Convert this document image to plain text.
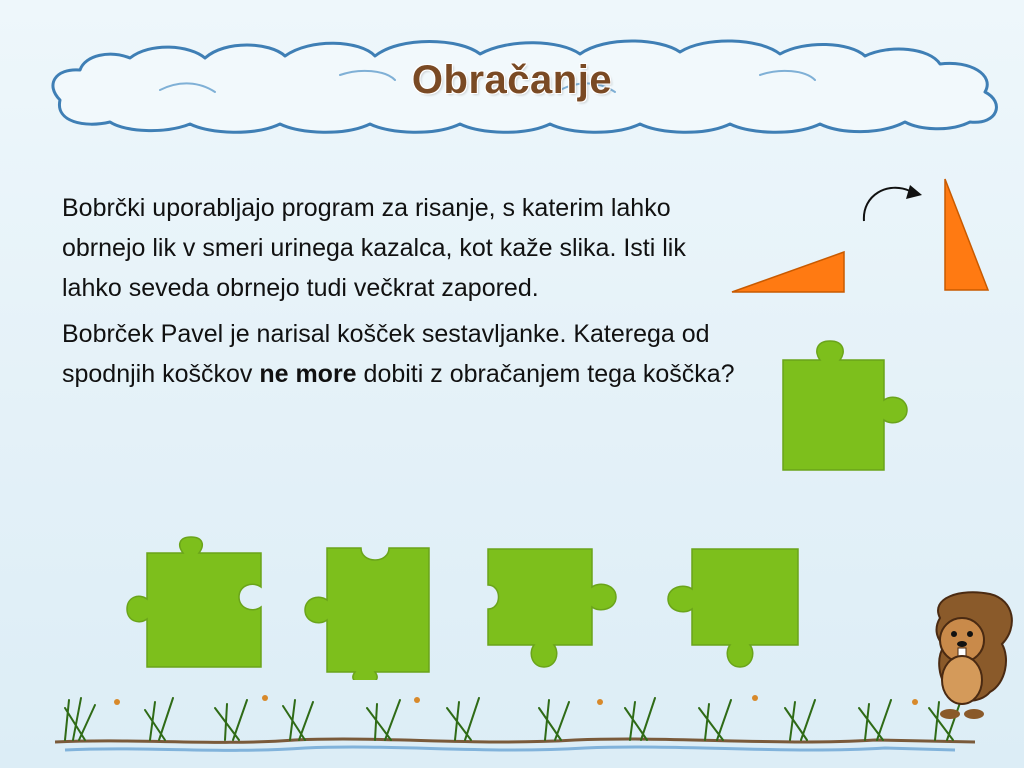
Obračanje

Bobrčki uporabljajo program za risanje, s katerim lahko obrnejo lik v smeri urinega kazalca, kot kaže slika. Isti lik lahko seveda obrnejo tudi večkrat zapored.

Bobrček Pavel je narisal košček sestavljanke. Katerega od spodnjih koščkov ne more dobiti z obračanjem tega koščka?
